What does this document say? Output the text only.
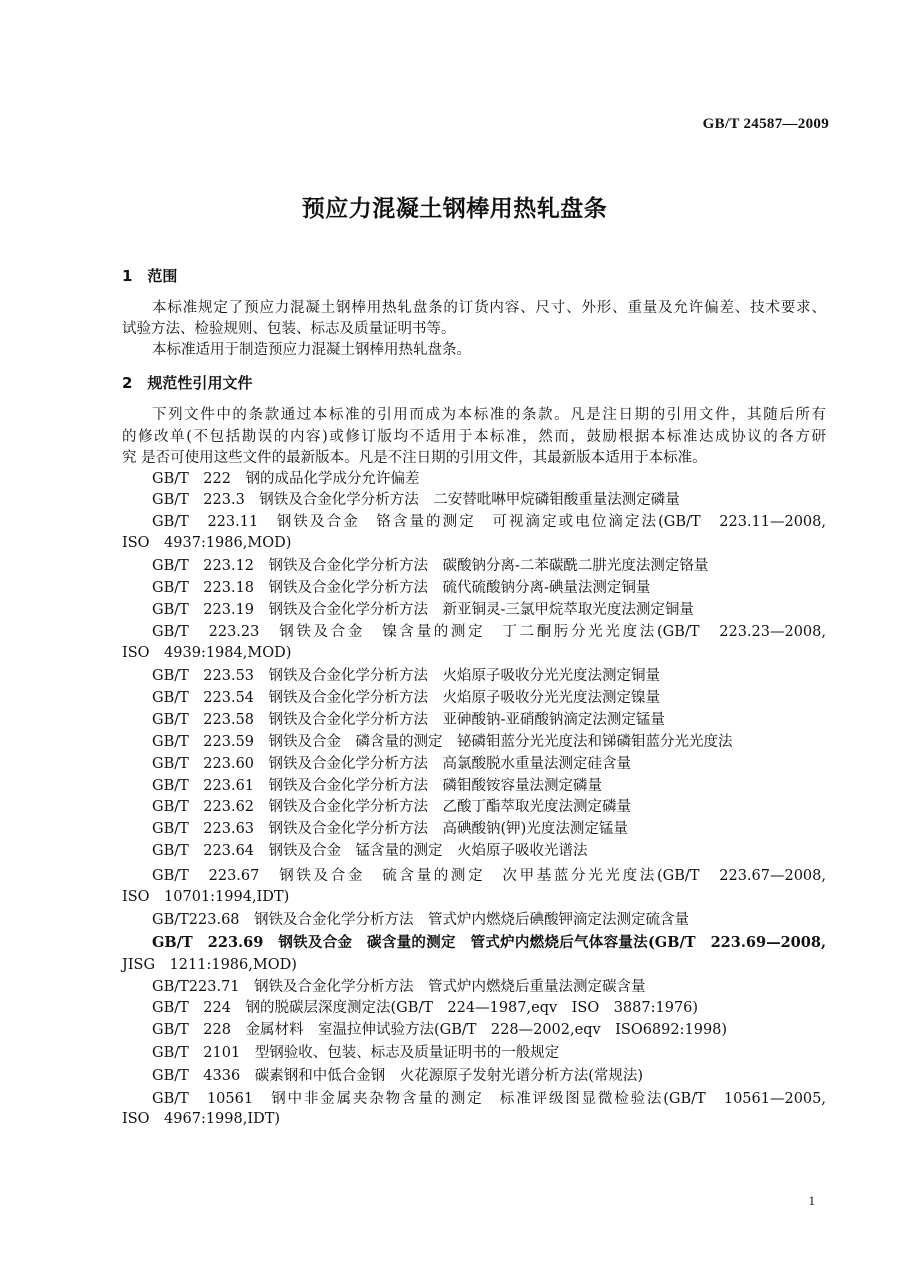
GB/T 24587—2009
预应力混凝土钢棒用热轧盘条
1　范围
本标准规定了预应力混凝土钢棒用热轧盘条的订货内容、尺寸、外形、重量及允许偏差、技术要求、
试验方法、检验规则、包装、标志及质量证明书等。
本标准适用于制造预应力混凝土钢棒用热轧盘条。
2　规范性引用文件
下列文件中的条款通过本标准的引用而成为本标准的条款。凡是注日期的引用文件，其随后所有
的修改单(不包括勘误的内容)或修订版均不适用于本标准，然而，鼓励根据本标准达成协议的各方研
究 是否可使用这些文件的最新版本。凡是不注日期的引用文件，其最新版本适用于本标准。
GB/T　222　钢的成品化学成分允许偏差
GB/T　223.3　钢铁及合金化学分析方法　二安替吡啉甲烷磷钼酸重量法测定磷量
GB/T　223.11　钢铁及合金　铬含量的测定　可视滴定或电位滴定法(GB/T　223.11—2008,
ISO　4937:1986,MOD)
GB/T　223.12　钢铁及合金化学分析方法　碳酸钠分离-二苯碳酰二肼光度法测定铬量
GB/T　223.18　钢铁及合金化学分析方法　硫代硫酸钠分离-碘量法测定铜量
GB/T　223.19　钢铁及合金化学分析方法　新亚铜灵-三氯甲烷萃取光度法测定铜量
GB/T　223.23　钢铁及合金　镍含量的测定　丁二酮肟分光光度法(GB/T　223.23—2008,
ISO　4939:1984,MOD)
GB/T　223.53　钢铁及合金化学分析方法　火焰原子吸收分光光度法测定铜量
GB/T　223.54　钢铁及合金化学分析方法　火焰原子吸收分光光度法测定镍量
GB/T　223.58　钢铁及合金化学分析方法　亚砷酸钠-亚硝酸钠滴定法测定锰量
GB/T　223.59　钢铁及合金　磷含量的测定　铋磷钼蓝分光光度法和锑磷钼蓝分光光度法
GB/T　223.60　钢铁及合金化学分析方法　高氯酸脱水重量法测定硅含量
GB/T　223.61　钢铁及合金化学分析方法　磷钼酸铵容量法测定磷量
GB/T　223.62　钢铁及合金化学分析方法　乙酸丁酯萃取光度法测定磷量
GB/T　223.63　钢铁及合金化学分析方法　高碘酸钠(钾)光度法测定锰量
GB/T　223.64　钢铁及合金　锰含量的测定　火焰原子吸收光谱法
GB/T　223.67　钢铁及合金　硫含量的测定　次甲基蓝分光光度法(GB/T　223.67—2008,
ISO　10701:1994,IDT)
GB/T223.68　钢铁及合金化学分析方法　管式炉内燃烧后碘酸钾滴定法测定硫含量
GB/T　223.69　钢铁及合金　碳含量的测定　管式炉内燃烧后气体容量法(GB/T　223.69—2008,
JISG　1211:1986,MOD)
GB/T223.71　钢铁及合金化学分析方法　管式炉内燃烧后重量法测定碳含量
GB/T　224　钢的脱碳层深度测定法(GB/T　224—1987,eqv　ISO　3887:1976)
GB/T　228　金属材料　室温拉伸试验方法(GB/T　228—2002,eqv　ISO6892:1998)
GB/T　2101　型钢验收、包装、标志及质量证明书的一般规定
GB/T　4336　碳素钢和中低合金钢　火花源原子发射光谱分析方法(常规法)
GB/T　10561　钢中非金属夹杂物含量的测定　标准评级图显微检验法(GB/T　10561—2005,
ISO　4967:1998,IDT)
1
